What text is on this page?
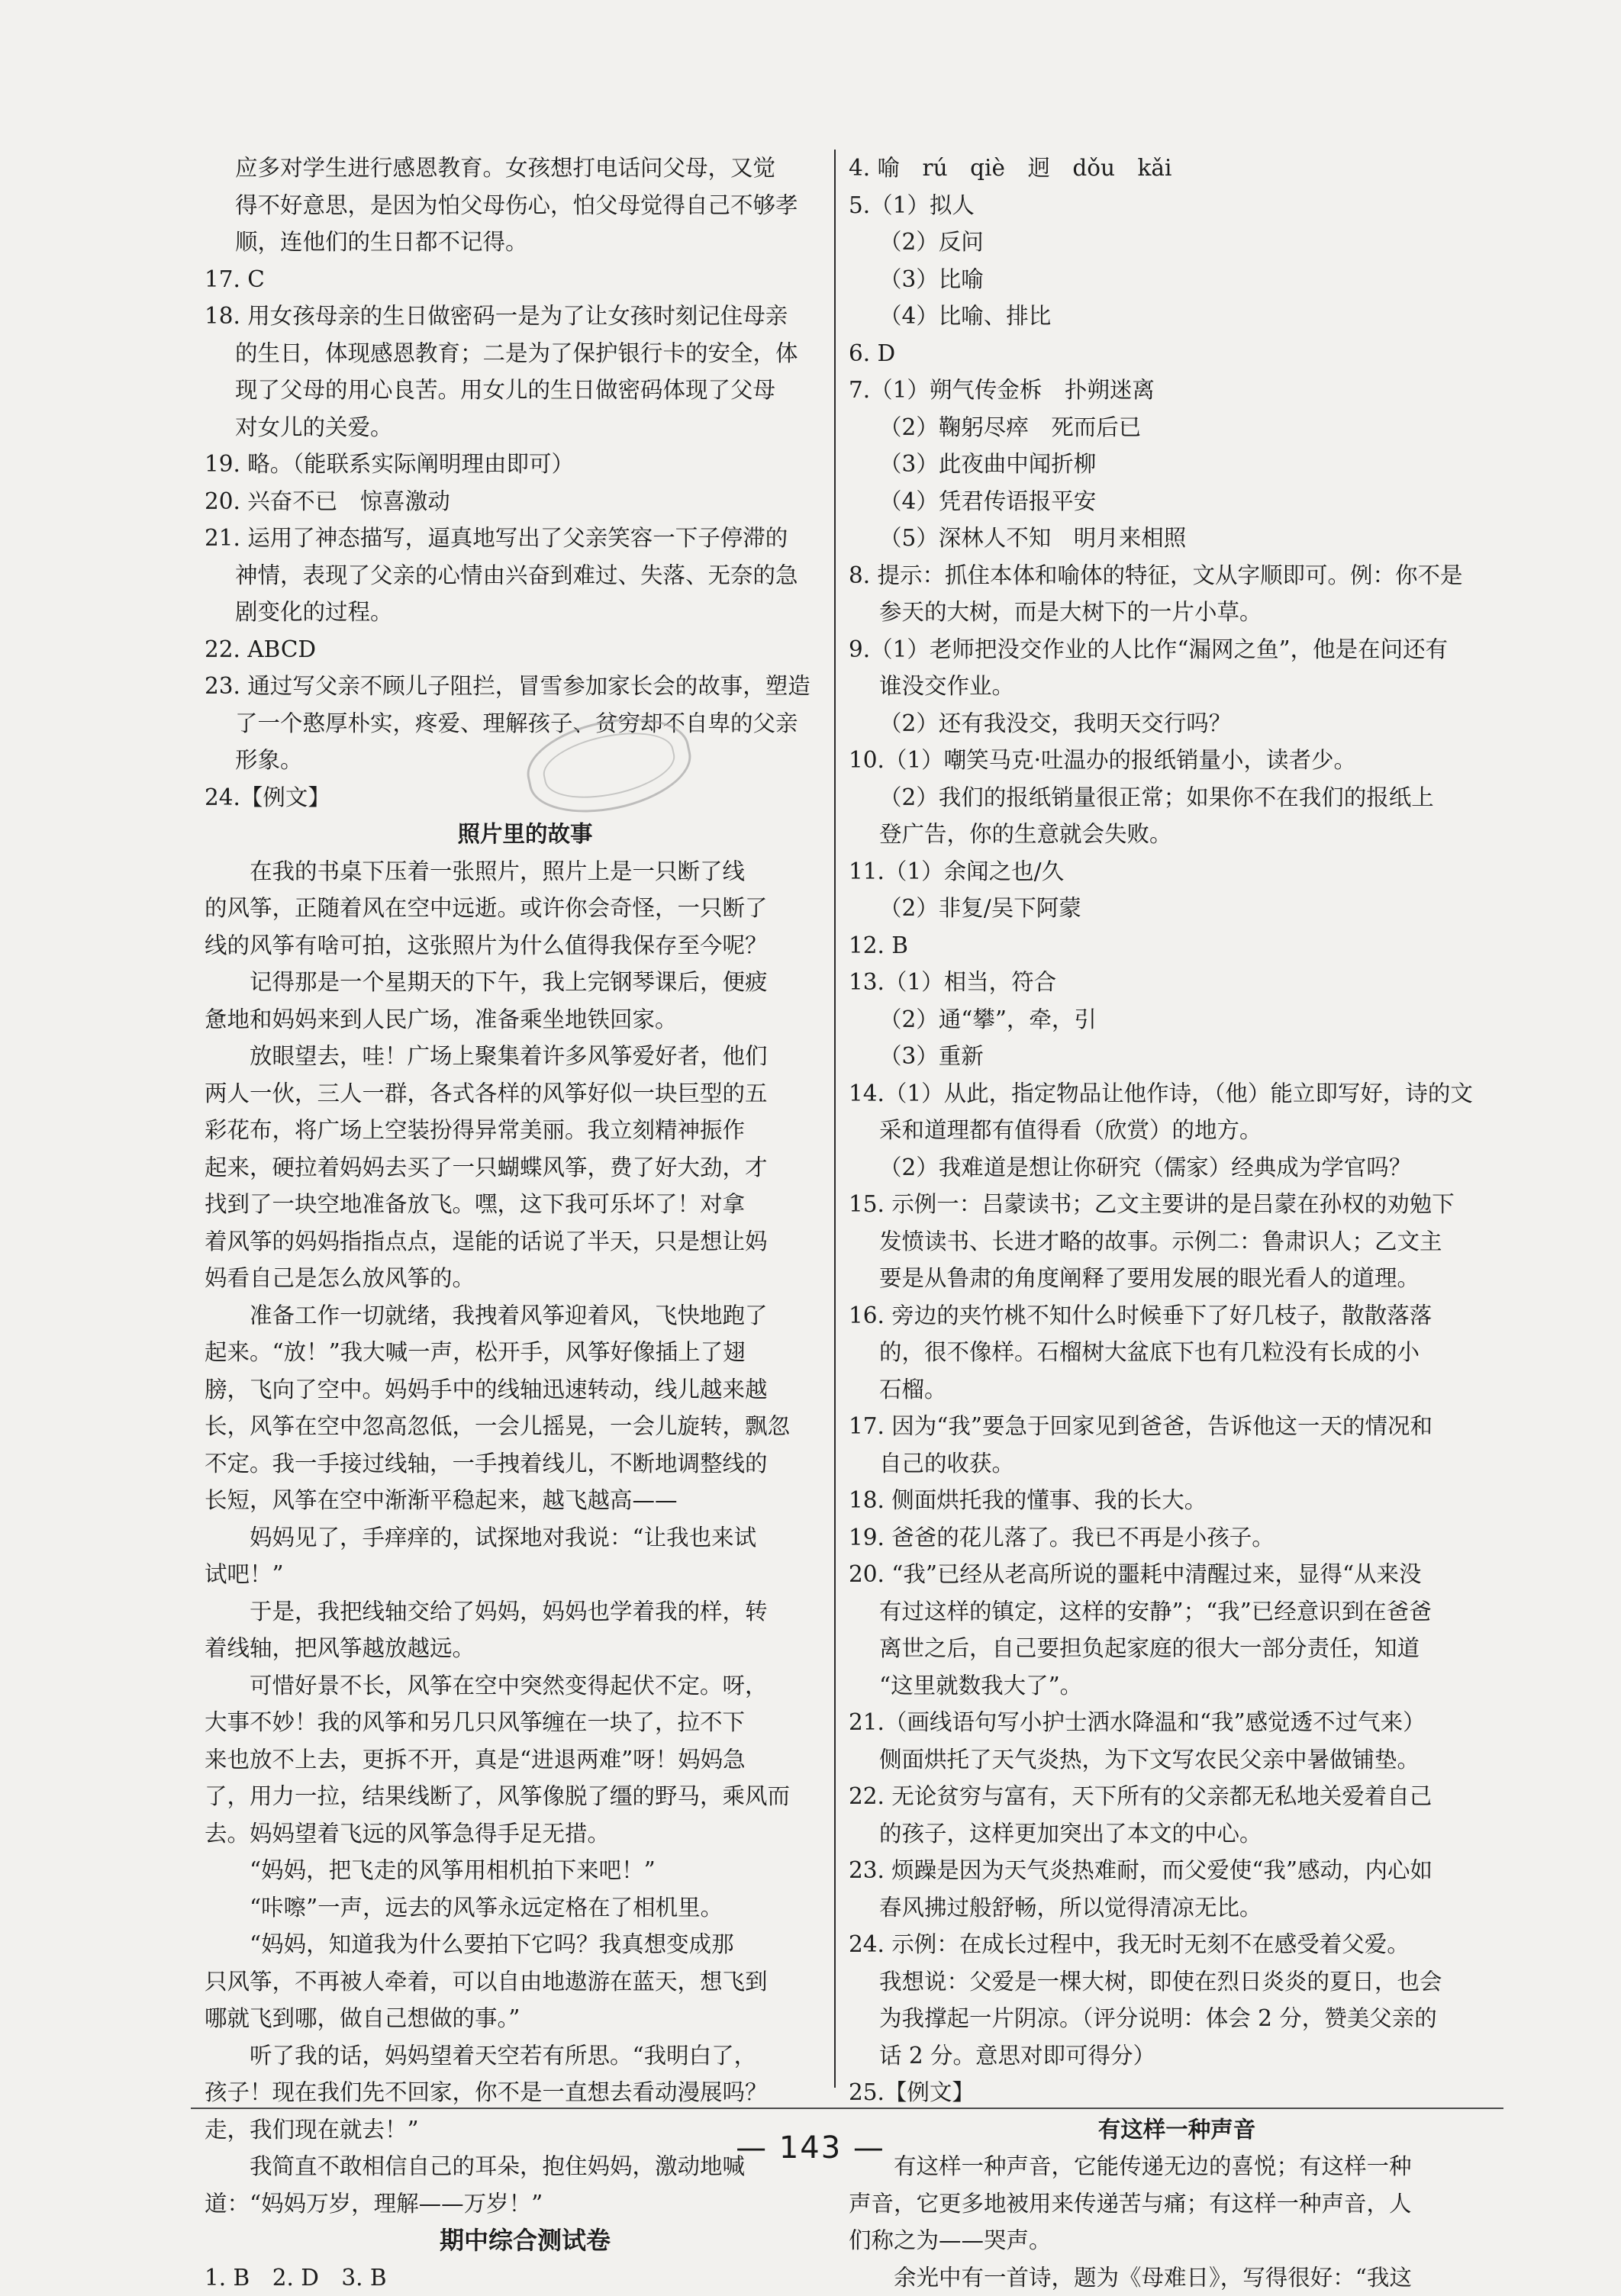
应多对学生进行感恩教育。女孩想打电话问父母，又觉

得不好意思，是因为怕父母伤心，怕父母觉得自己不够孝

顺，连他们的生日都不记得。

17. C

18. 用女孩母亲的生日做密码一是为了让女孩时刻记住母亲

的生日，体现感恩教育；二是为了保护银行卡的安全，体

现了父母的用心良苦。用女儿的生日做密码体现了父母

对女儿的关爱。

19. 略。（能联系实际阐明理由即可）

20. 兴奋不已　惊喜激动

21. 运用了神态描写，逼真地写出了父亲笑容一下子停滞的

神情，表现了父亲的心情由兴奋到难过、失落、无奈的急

剧变化的过程。

22. ABCD

23. 通过写父亲不顾儿子阻拦，冒雪参加家长会的故事，塑造

了一个憨厚朴实，疼爱、理解孩子、贫穷却不自卑的父亲

形象。

24.【例文】

照片里的故事

在我的书桌下压着一张照片，照片上是一只断了线

的风筝，正随着风在空中远逝。或许你会奇怪，一只断了

线的风筝有啥可拍，这张照片为什么值得我保存至今呢？

记得那是一个星期天的下午，我上完钢琴课后，便疲

惫地和妈妈来到人民广场，准备乘坐地铁回家。

放眼望去，哇！广场上聚集着许多风筝爱好者，他们

两人一伙，三人一群，各式各样的风筝好似一块巨型的五

彩花布，将广场上空装扮得异常美丽。我立刻精神振作

起来，硬拉着妈妈去买了一只蝴蝶风筝，费了好大劲，才

找到了一块空地准备放飞。嘿，这下我可乐坏了！对拿

着风筝的妈妈指指点点，逞能的话说了半天，只是想让妈

妈看自己是怎么放风筝的。

准备工作一切就绪，我拽着风筝迎着风，飞快地跑了

起来。“放！”我大喊一声，松开手，风筝好像插上了翅

膀，飞向了空中。妈妈手中的线轴迅速转动，线儿越来越

长，风筝在空中忽高忽低，一会儿摇晃，一会儿旋转，飘忽

不定。我一手接过线轴，一手拽着线儿，不断地调整线的

长短，风筝在空中渐渐平稳起来，越飞越高——

妈妈见了，手痒痒的，试探地对我说：“让我也来试

试吧！”

于是，我把线轴交给了妈妈，妈妈也学着我的样，转

着线轴，把风筝越放越远。

可惜好景不长，风筝在空中突然变得起伏不定。呀，

大事不妙！我的风筝和另几只风筝缠在一块了，拉不下

来也放不上去，更拆不开，真是“进退两难”呀！妈妈急

了，用力一拉，结果线断了，风筝像脱了缰的野马，乘风而

去。妈妈望着飞远的风筝急得手足无措。

“妈妈，把飞走的风筝用相机拍下来吧！”

“咔嚓”一声，远去的风筝永远定格在了相机里。

“妈妈，知道我为什么要拍下它吗？我真想变成那

只风筝，不再被人牵着，可以自由地遨游在蓝天，想飞到

哪就飞到哪，做自己想做的事。”

听了我的话，妈妈望着天空若有所思。“我明白了，

孩子！现在我们先不回家，你不是一直想去看动漫展吗？

走，我们现在就去！”

我简直不敢相信自己的耳朵，抱住妈妈，激动地喊

道：“妈妈万岁，理解——万岁！”

期中综合测试卷

1. B　2. D　3. B

4. 喻　rú　qiè　迥　dǒu　kǎi

5.（1）拟人

（2）反问

（3）比喻

（4）比喻、排比

6. D

7.（1）朔气传金柝　扑朔迷离

（2）鞠躬尽瘁　死而后已

（3）此夜曲中闻折柳

（4）凭君传语报平安

（5）深林人不知　明月来相照

8. 提示：抓住本体和喻体的特征，文从字顺即可。例：你不是

参天的大树，而是大树下的一片小草。

9.（1）老师把没交作业的人比作“漏网之鱼”，他是在问还有

谁没交作业。

（2）还有我没交，我明天交行吗？

10.（1）嘲笑马克·吐温办的报纸销量小，读者少。

（2）我们的报纸销量很正常；如果你不在我们的报纸上

登广告，你的生意就会失败。

11.（1）余闻之也/久

（2）非复/吴下阿蒙

12. B

13.（1）相当，符合

（2）通“攀”，牵，引

（3）重新

14.（1）从此，指定物品让他作诗，（他）能立即写好，诗的文

采和道理都有值得看（欣赏）的地方。

（2）我难道是想让你研究（儒家）经典成为学官吗？

15. 示例一：吕蒙读书；乙文主要讲的是吕蒙在孙权的劝勉下

发愤读书、长进才略的故事。示例二：鲁肃识人；乙文主

要是从鲁肃的角度阐释了要用发展的眼光看人的道理。

16. 旁边的夹竹桃不知什么时候垂下了好几枝子，散散落落

的，很不像样。石榴树大盆底下也有几粒没有长成的小

石榴。

17. 因为“我”要急于回家见到爸爸，告诉他这一天的情况和

自己的收获。

18. 侧面烘托我的懂事、我的长大。

19. 爸爸的花儿落了。我已不再是小孩子。

20. “我”已经从老高所说的噩耗中清醒过来，显得“从来没

有过这样的镇定，这样的安静”；“我”已经意识到在爸爸

离世之后，自己要担负起家庭的很大一部分责任，知道

“这里就数我大了”。

21.（画线语句写小护士洒水降温和“我”感觉透不过气来）

侧面烘托了天气炎热，为下文写农民父亲中暑做铺垫。

22. 无论贫穷与富有，天下所有的父亲都无私地关爱着自己

的孩子，这样更加突出了本文的中心。

23. 烦躁是因为天气炎热难耐，而父爱使“我”感动，内心如

春风拂过般舒畅，所以觉得清凉无比。

24. 示例：在成长过程中，我无时无刻不在感受着父爱。

我想说：父爱是一棵大树，即使在烈日炎炎的夏日，也会

为我撑起一片阴凉。（评分说明：体会 2 分，赞美父亲的

话 2 分。意思对即可得分）

25.【例文】

有这样一种声音

有这样一种声音，它能传递无边的喜悦；有这样一种

声音，它更多地被用来传递苦与痛；有这样一种声音，人

们称之为——哭声。

余光中有一首诗，题为《母难日》，写得很好：“我这

— 143 —
